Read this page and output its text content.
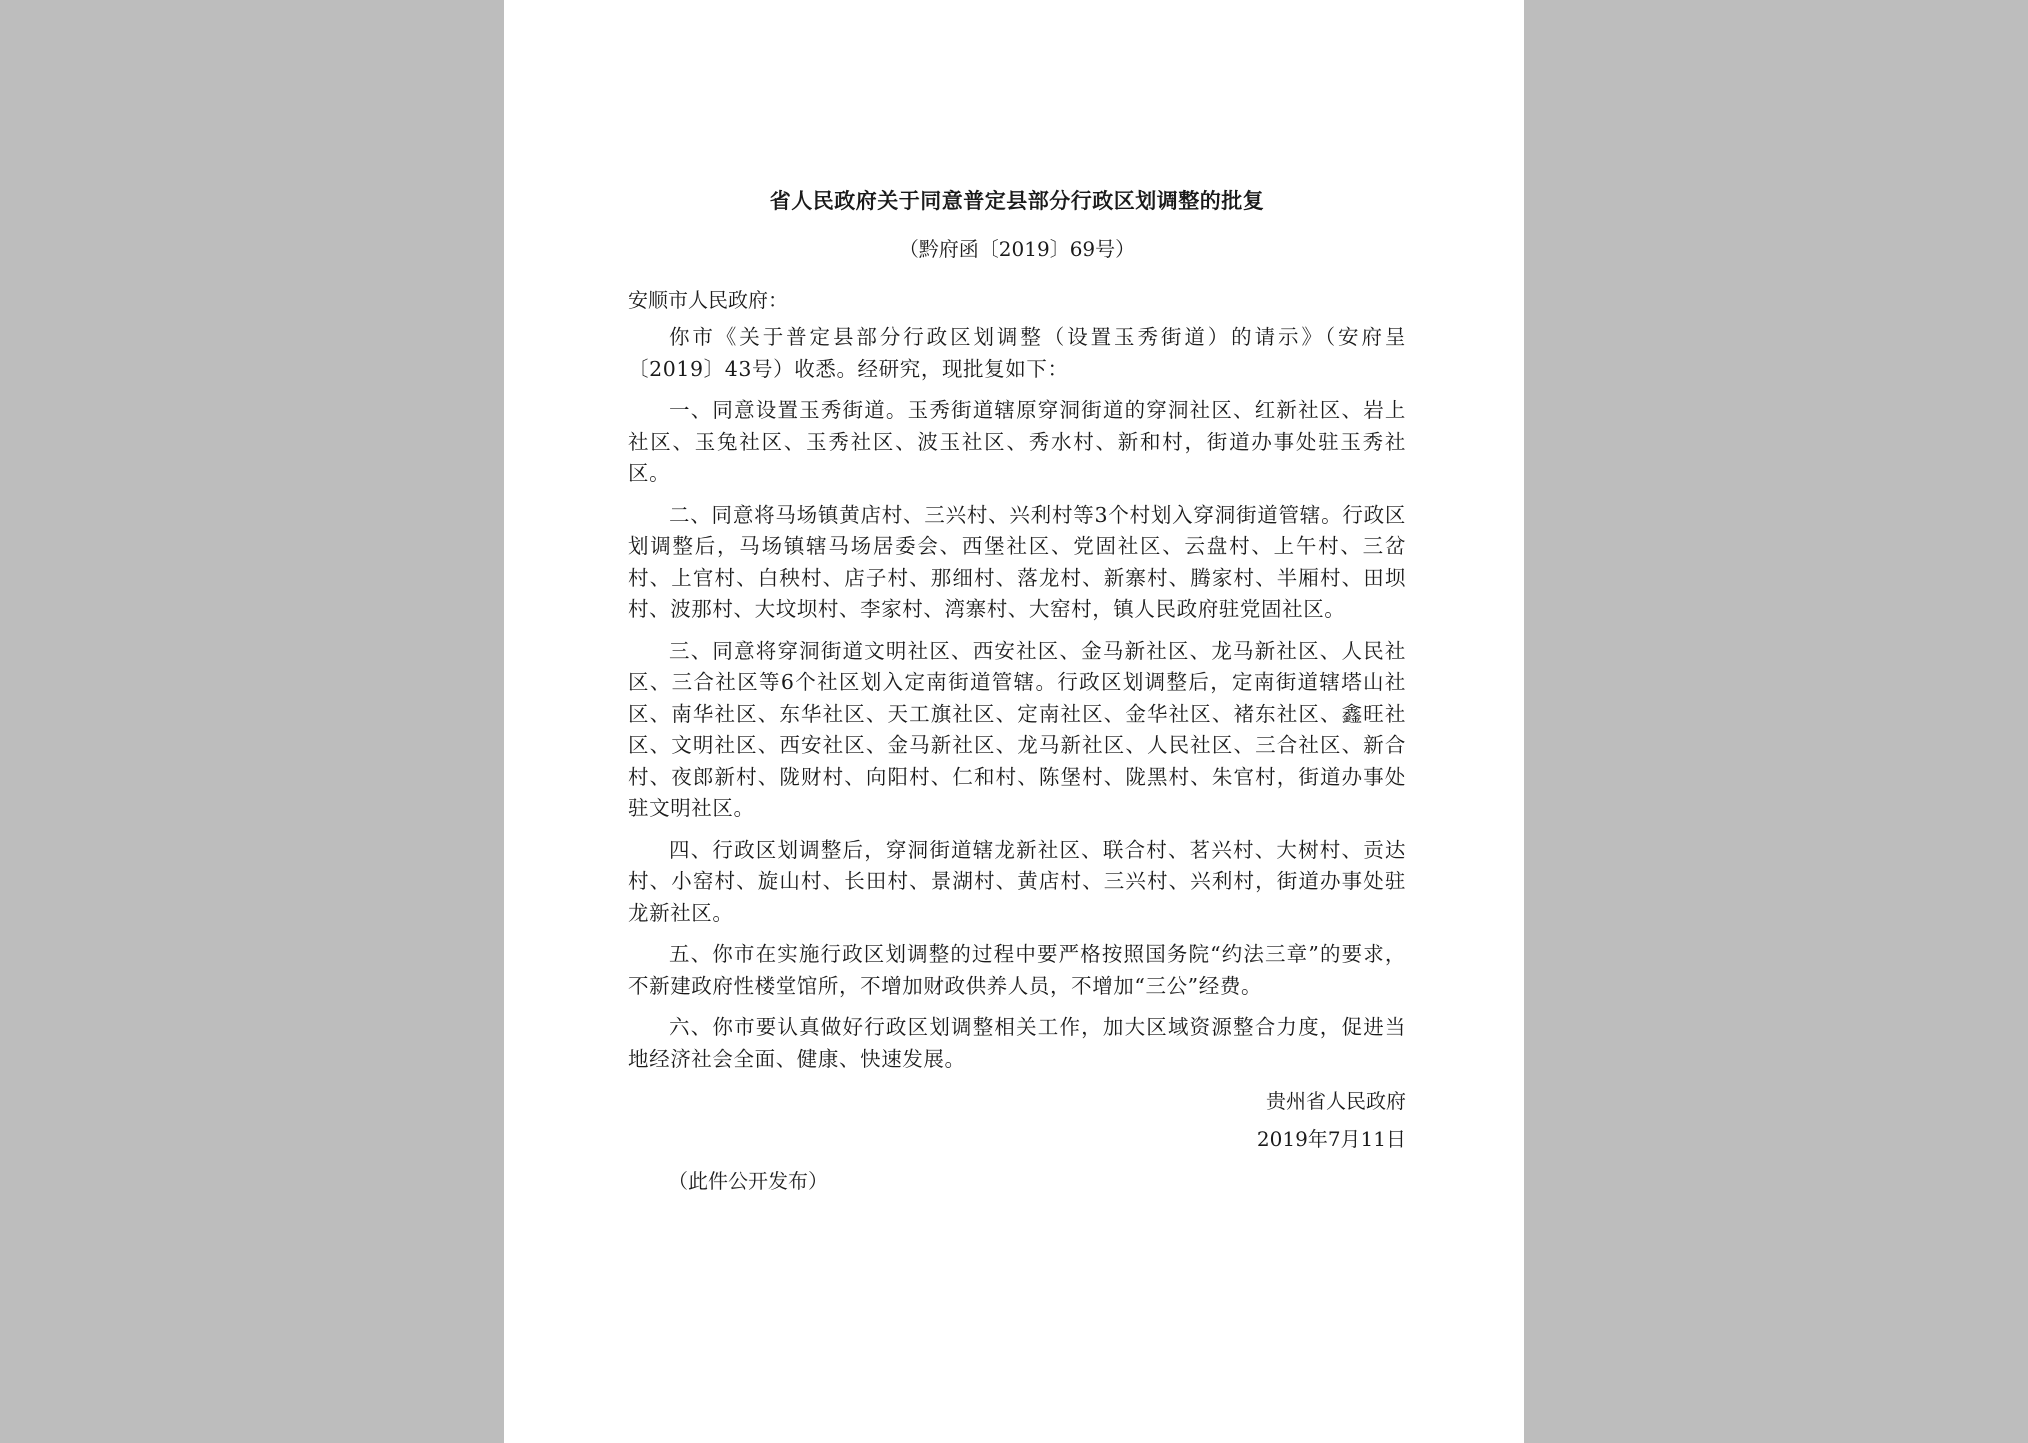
省人民政府关于同意普定县部分行政区划调整的批复
（黔府函〔2019〕69号）
安顺市人民政府：
你市《关于普定县部分行政区划调整（设置玉秀街道）的请示》（安府呈〔2019〕43号）收悉。经研究，现批复如下：
一、同意设置玉秀街道。玉秀街道辖原穿洞街道的穿洞社区、红新社区、岩上社区、玉兔社区、玉秀社区、波玉社区、秀水村、新和村，街道办事处驻玉秀社区。
二、同意将马场镇黄店村、三兴村、兴利村等3个村划入穿洞街道管辖。行政区划调整后，马场镇辖马场居委会、西堡社区、党固社区、云盘村、上午村、三岔村、上官村、白秧村、店子村、那细村、落龙村、新寨村、腾家村、半厢村、田坝村、波那村、大坟坝村、李家村、湾寨村、大窑村，镇人民政府驻党固社区。
三、同意将穿洞街道文明社区、西安社区、金马新社区、龙马新社区、人民社区、三合社区等6个社区划入定南街道管辖。行政区划调整后，定南街道辖塔山社区、南华社区、东华社区、天工旗社区、定南社区、金华社区、褚东社区、鑫旺社区、文明社区、西安社区、金马新社区、龙马新社区、人民社区、三合社区、新合村、夜郎新村、陇财村、向阳村、仁和村、陈堡村、陇黑村、朱官村，街道办事处驻文明社区。
四、行政区划调整后，穿洞街道辖龙新社区、联合村、茗兴村、大树村、贡达村、小窑村、旋山村、长田村、景湖村、黄店村、三兴村、兴利村，街道办事处驻龙新社区。
五、你市在实施行政区划调整的过程中要严格按照国务院“约法三章”的要求，不新建政府性楼堂馆所，不增加财政供养人员，不增加“三公”经费。
六、你市要认真做好行政区划调整相关工作，加大区域资源整合力度，促进当地经济社会全面、健康、快速发展。
贵州省人民政府
2019年7月11日
（此件公开发布）
